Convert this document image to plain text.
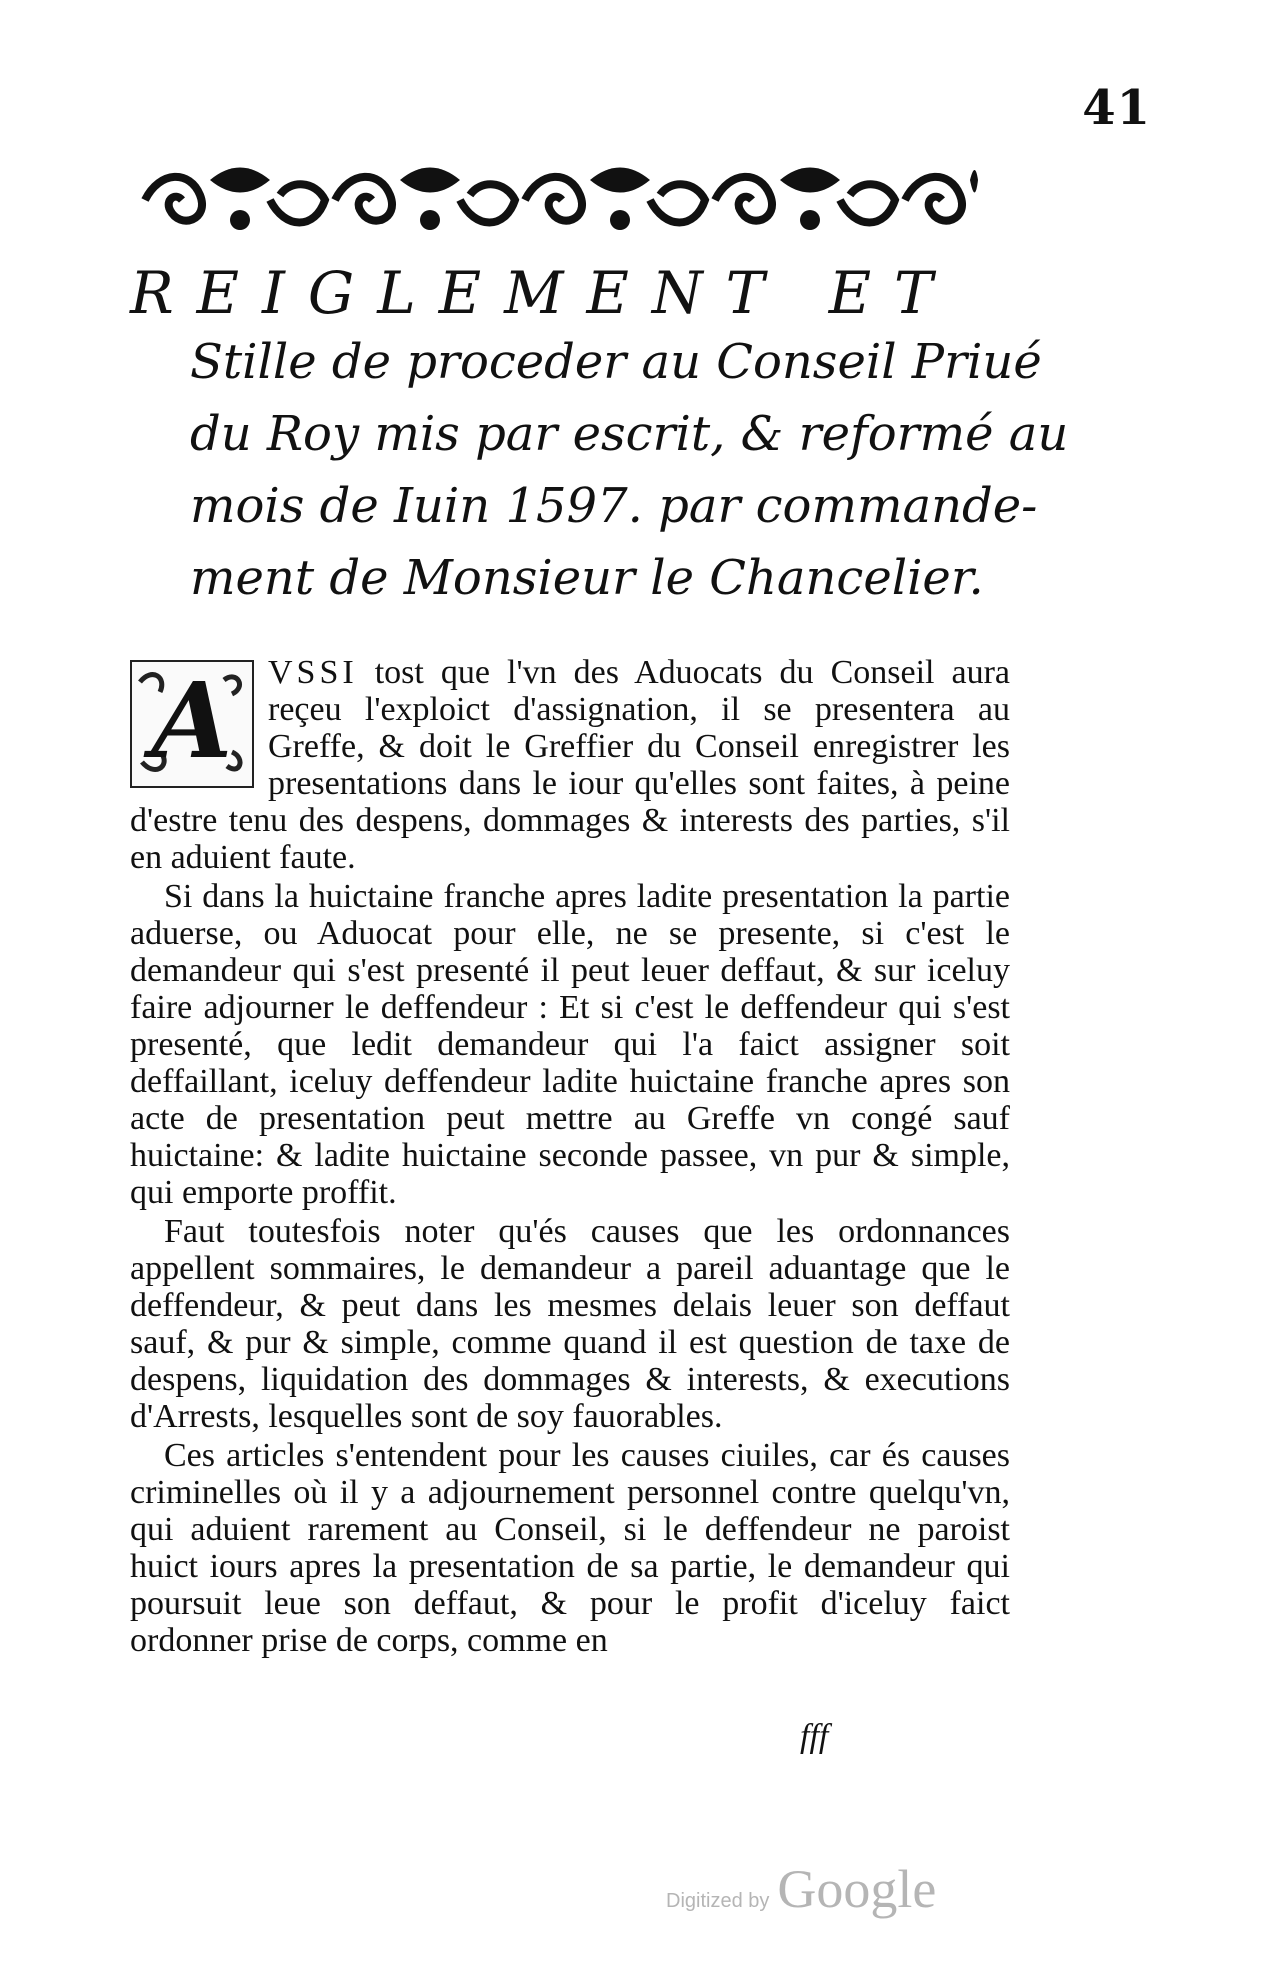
41
REIGLEMENT ET
Stille de proceder au Conseil Priué
du Roy mis par escrit, & reformé au
mois de Iuin 1597. par commande-
ment de Monsieur le Chancelier.

A	VSSI tost que l'vn des Aduocats du Conseil aura reçeu l'exploict d'assignation, il se presentera au Greffe, & doit le Greffier du Conseil enregistrer les presentations dans le iour qu'elles sont faites, à peine d'estre tenu des despens, dommages & interests des parties, s'il en aduient faute.

Si dans la huictaine franche apres ladite presentation la partie aduerse, ou Aduocat pour elle, ne se presente, si c'est le demandeur qui s'est presenté il peut leuer deffaut, & sur iceluy faire adjourner le deffendeur : Et si c'est le deffendeur qui s'est presenté, que ledit demandeur qui l'a faict assigner soit deffaillant, iceluy deffendeur ladite huictaine franche apres son acte de presentation peut mettre au Greffe vn congé sauf huictaine: & ladite huictaine seconde passee, vn pur & simple, qui emporte proffit.

Faut toutesfois noter qu'és causes que les ordonnances appellent sommaires, le demandeur a pareil aduantage que le deffendeur, & peut dans les mesmes delais leuer son deffaut sauf, & pur & simple, comme quand il est question de taxe de despens, liquidation des dommages & interests, & executions d'Arrests, lesquelles sont de soy fauorables.

Ces articles s'entendent pour les causes ciuiles, car és causes criminelles où il y a adjournement personnel contre quelqu'vn, qui aduient rarement au Conseil, si le deffendeur ne paroist huict iours apres la presentation de sa partie, le demandeur qui poursuit leue son deffaut, & pour le profit d'iceluy faict ordonner prise de corps, comme en

fff
Digitized by Google
